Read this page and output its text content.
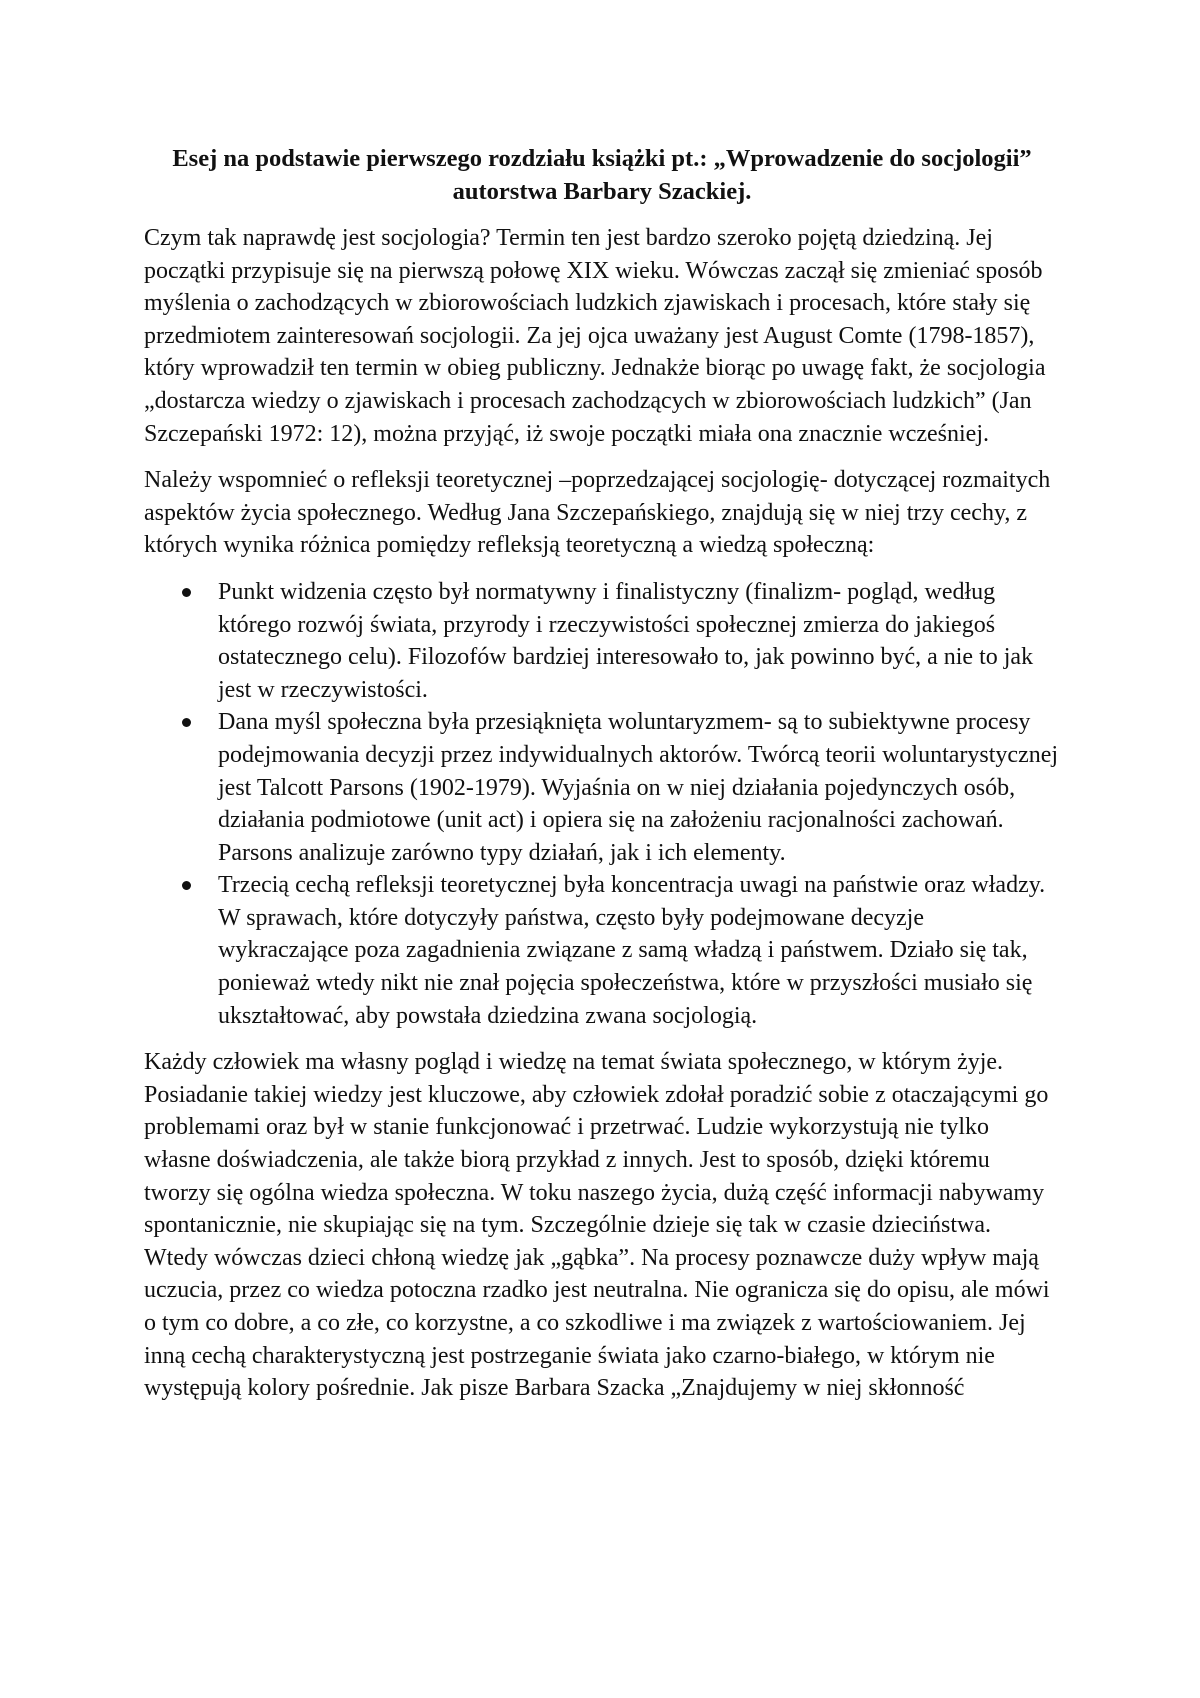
Esej na podstawie pierwszego rozdziału książki pt.: „Wprowadzenie do socjologii” autorstwa Barbary Szackiej.

Czym tak naprawdę jest socjologia? Termin ten jest bardzo szeroko pojętą dziedziną. Jej początki przypisuje się na pierwszą połowę XIX wieku. Wówczas zaczął się zmieniać sposób myślenia o zachodzących w zbiorowościach ludzkich zjawiskach i procesach, które stały się przedmiotem zainteresowań socjologii. Za jej ojca uważany jest August Comte (1798-1857), który wprowadził ten termin w obieg publiczny. Jednakże biorąc po uwagę fakt, że socjologia „dostarcza wiedzy o zjawiskach i procesach zachodzących w zbiorowościach ludzkich” (Jan Szczepański 1972: 12), można przyjąć, iż swoje początki miała ona znacznie wcześniej.

Należy wspomnieć o refleksji teoretycznej –poprzedzającej socjologię- dotyczącej rozmaitych aspektów życia społecznego. Według Jana Szczepańskiego, znajdują się w niej trzy cechy, z których wynika różnica pomiędzy refleksją teoretyczną a wiedzą społeczną:

Punkt widzenia często był normatywny i finalistyczny (finalizm- pogląd, według którego rozwój świata, przyrody i rzeczywistości społecznej zmierza do jakiegoś ostatecznego celu). Filozofów bardziej interesowało to, jak powinno być, a nie to jak jest w rzeczywistości.
Dana myśl społeczna była przesiąknięta woluntaryzmem- są to subiektywne procesy podejmowania decyzji przez indywidualnych aktorów. Twórcą teorii woluntarystycznej jest Talcott Parsons (1902-1979). Wyjaśnia on w niej działania pojedynczych osób, działania podmiotowe (unit act) i opiera się na założeniu racjonalności zachowań. Parsons analizuje zarówno typy działań, jak i ich elementy.
Trzecią cechą refleksji teoretycznej była koncentracja uwagi na państwie oraz władzy. W sprawach, które dotyczyły państwa, często były podejmowane decyzje wykraczające poza zagadnienia związane z samą władzą i państwem. Działo się tak, ponieważ wtedy nikt nie znał pojęcia społeczeństwa, które w przyszłości musiało się ukształtować, aby powstała dziedzina zwana socjologią.

Każdy człowiek ma własny pogląd i wiedzę na temat świata społecznego, w którym żyje. Posiadanie takiej wiedzy jest kluczowe, aby człowiek zdołał poradzić sobie z otaczającymi go problemami oraz był w stanie funkcjonować i przetrwać. Ludzie wykorzystują nie tylko własne doświadczenia, ale także biorą przykład z innych. Jest to sposób, dzięki któremu tworzy się ogólna wiedza społeczna. W toku naszego życia, dużą część informacji nabywamy spontanicznie, nie skupiając się na tym. Szczególnie dzieje się tak w czasie dzieciństwa. Wtedy wówczas dzieci chłoną wiedzę jak „gąbka”. Na procesy poznawcze duży wpływ mają uczucia, przez co wiedza potoczna rzadko jest neutralna. Nie ogranicza się do opisu, ale mówi o tym co dobre, a co złe, co korzystne, a co szkodliwe i ma związek z wartościowaniem. Jej inną cechą charakterystyczną jest postrzeganie świata jako czarno-białego, w którym nie występują kolory pośrednie. Jak pisze Barbara Szacka „Znajdujemy w niej skłonność
